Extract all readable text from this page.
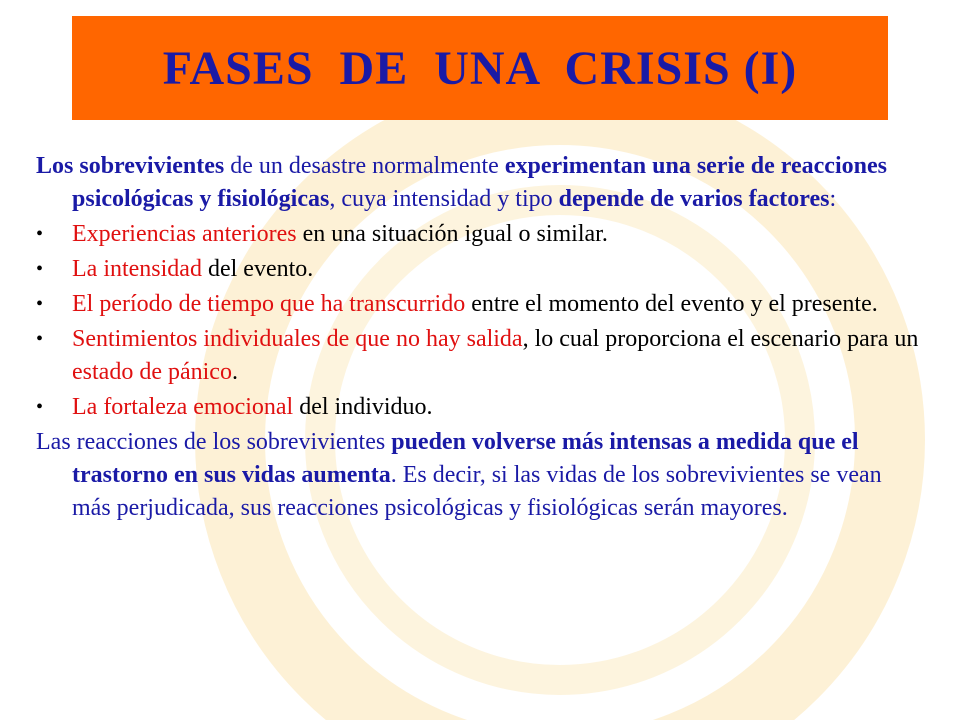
FASES  DE  UNA  CRISIS (I)

Los sobrevivientes de un desastre normalmente experimentan una serie de reacciones psicológicas y fisiológicas, cuya intensidad y tipo depende de varios factores:

•	Experiencias anteriores en una situación igual o similar.
•	La intensidad del evento.
•	El período de tiempo que ha transcurrido entre el momento del evento y el presente.
•	Sentimientos individuales de que no hay salida, lo cual proporciona el escenario para un estado de pánico.
•	La fortaleza emocional del individuo.

Las reacciones de los sobrevivientes pueden volverse más intensas a medida que el trastorno en sus vidas aumenta. Es decir, si las vidas de los sobrevivientes se vean más perjudicada, sus reacciones psicológicas y fisiológicas serán mayores.
